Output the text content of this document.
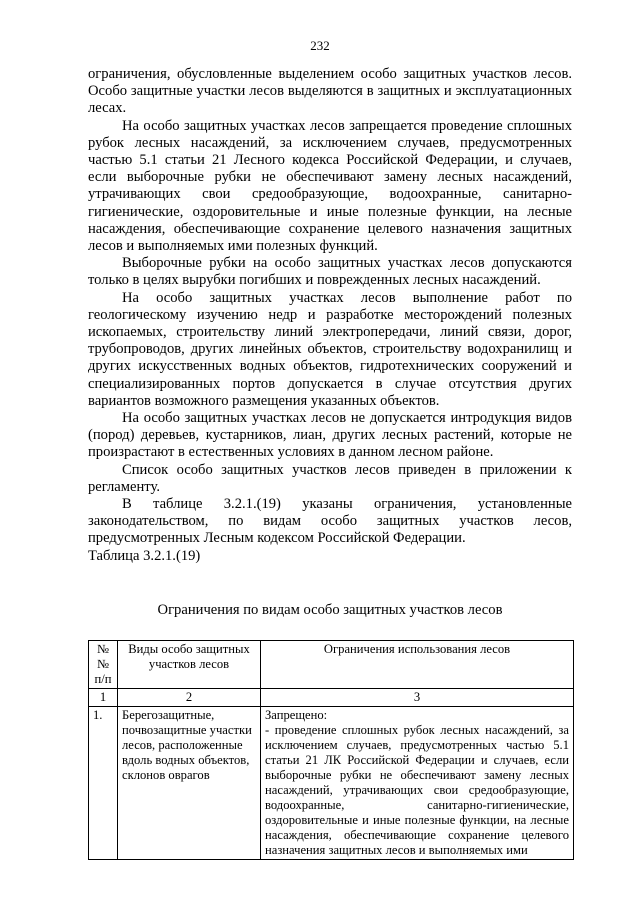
232

ограничения, обусловленные выделением особо защитных участков лесов. Особо защитные участки лесов выделяются в защитных и эксплуатационных лесах.

На особо защитных участках лесов запрещается проведение сплошных рубок лесных насаждений, за исключением случаев, предусмотренных частью 5.1 статьи 21 Лесного кодекса Российской Федерации, и случаев, если выборочные рубки не обеспечивают замену лесных насаждений, утрачивающих свои средообразующие, водоохранные, санитарно-гигиенические, оздоровительные и иные полезные функции, на лесные насаждения, обеспечивающие сохранение целевого назначения защитных лесов и выполняемых ими полезных функций.

Выборочные рубки на особо защитных участках лесов допускаются только в целях вырубки погибших и поврежденных лесных насаждений.

На особо защитных участках лесов выполнение работ по геологическому изучению недр и разработке месторождений полезных ископаемых, строительству линий электропередачи, линий связи, дорог, трубопроводов, других линейных объектов, строительству водохранилищ и других искусственных водных объектов, гидротехнических сооружений и специализированных портов допускается в случае отсутствия других вариантов возможного размещения указанных объектов.

На особо защитных участках лесов не допускается интродукция видов (пород) деревьев, кустарников, лиан, других лесных растений, которые не произрастают в естественных условиях в данном лесном районе.

Список особо защитных участков лесов приведен в приложении к регламенту.

В таблице 3.2.1.(19) указаны ограничения, установленные законодательством, по видам особо защитных участков лесов, предусмотренных Лесным кодексом Российской Федерации.

Таблица 3.2.1.(19)

Ограничения по видам особо защитных участков лесов
№№ п/п	Виды особо защитных участков лесов	Ограничения использования лесов
1	2	3
1.	Берегозащитные, почвозащитные участки лесов, расположенные вдоль водных объектов, склонов оврагов	Запрещено:
- проведение сплошных рубок лесных насаждений, за исключением случаев, предусмотренных частью 5.1 статьи 21 ЛК Российской Федерации и случаев, если выборочные рубки не обеспечивают замену лесных насаждений, утрачивающих свои средообразующие, водоохранные, санитарно-гигиенические, оздоровительные и иные полезные функции, на лесные насаждения, обеспечивающие сохранение целевого назначения защитных лесов и выполняемых ими
